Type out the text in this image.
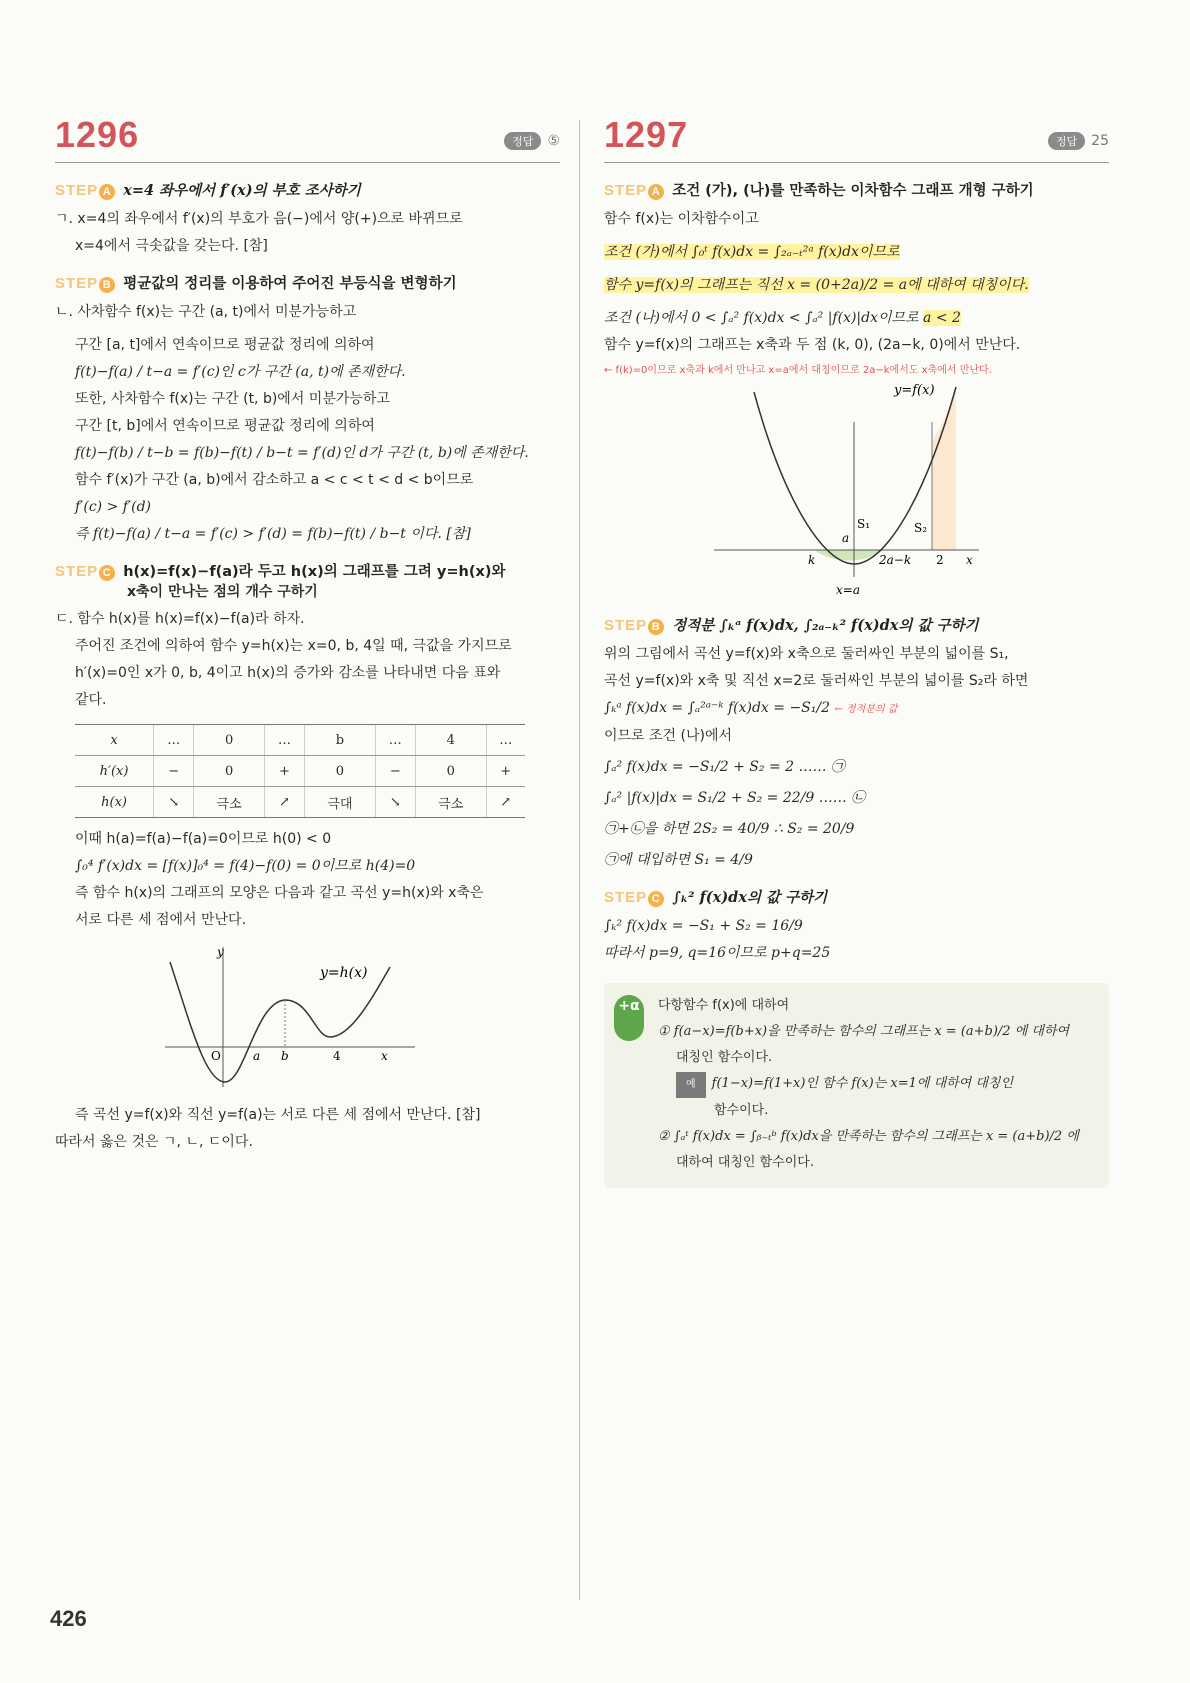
1296	정답	⑤
STEP A x=4 좌우에서 f′(x)의 부호 조사하기

ㄱ. x=4의 좌우에서 f′(x)의 부호가 음(−)에서 양(+)으로 바뀌므로

x=4에서 극솟값을 갖는다. [참]

STEP B 평균값의 정리를 이용하여 주어진 부등식을 변형하기

ㄴ. 사차함수 f(x)는 구간 (a, t)에서 미분가능하고

구간 [a, t]에서 연속이므로 평균값 정리에 의하여

f(t)−f(a) / t−a = f′(c)인 c가 구간 (a, t)에 존재한다.

또한, 사차함수 f(x)는 구간 (t, b)에서 미분가능하고

구간 [t, b]에서 연속이므로 평균값 정리에 의하여

f(t)−f(b) / t−b = f(b)−f(t) / b−t = f′(d)인 d가 구간 (t, b)에 존재한다.

함수 f′(x)가 구간 (a, b)에서 감소하고 a < c < t < d < b이므로

f′(c) > f′(d)

즉 f(t)−f(a) / t−a = f′(c) > f′(d) = f(b)−f(t) / b−t 이다. [참]

STEP C h(x)=f(x)−f(a)라 두고 h(x)의 그래프를 그려 y=h(x)와

x축이 만나는 점의 개수 구하기

ㄷ. 함수 h(x)를 h(x)=f(x)−f(a)라 하자.

주어진 조건에 의하여 함수 y=h(x)는 x=0, b, 4일 때, 극값을 가지므로

h′(x)=0인 x가 0, b, 4이고 h(x)의 증가와 감소를 나타내면 다음 표와

같다.

x	…	0	…	b	…	4	…
h′(x)	−	0	+	0	−	0	+
h(x)	↘	극소	↗	극대	↘	극소	↗

이때 h(a)=f(a)−f(a)=0이므로 h(0) < 0

∫₀⁴ f′(x)dx = [f(x)]₀⁴ = f(4)−f(0) = 0이므로 h(4)=0

즉 함수 h(x)의 그래프의 모양은 다음과 같고 곡선 y=h(x)와 x축은

서로 다른 세 점에서 만난다.

y
y=h(x)
O	a b	4	x

즉 곡선 y=f(x)와 직선 y=f(a)는 서로 다른 세 점에서 만난다. [참]

따라서 옳은 것은 ㄱ, ㄴ, ㄷ이다.

1297	정답	25
STEP A 조건 (가), (나)를 만족하는 이차함수 그래프 개형 구하기

함수 f(x)는 이차함수이고

조건 (가)에서 ∫₀ᵗ f(x)dx = ∫₂ₐ₋ₜ²ᵃ f(x)dx이므로

함수 y=f(x)의 그래프는 직선 x = (0+2a)/2 = a에 대하여 대칭이다.

조건 (나)에서 0 < ∫ₐ² f(x)dx < ∫ₐ² |f(x)|dx이므로 a < 2

함수 y=f(x)의 그래프는 x축과 두 점 (k, 0), (2a−k, 0)에서 만난다.

← f(k)=0이므로 x축과 k에서 만나고 x=a에서 대칭이므로 2a−k에서도 x축에서 만난다.

y=f(x)
S₁	S₂
a
k	2a−k 2 x
x=a
STEP B 정적분 ∫ₖᵃ f(x)dx, ∫₂ₐ₋ₖ² f(x)dx의 값 구하기

위의 그림에서 곡선 y=f(x)와 x축으로 둘러싸인 부분의 넓이를 S₁,

곡선 y=f(x)와 x축 및 직선 x=2로 둘러싸인 부분의 넓이를 S₂라 하면

∫ₖᵃ f(x)dx = ∫ₐ²ᵃ⁻ᵏ f(x)dx = −S₁/2 ← 정적분의 값

이므로 조건 (나)에서

∫ₐ² f(x)dx = −S₁/2 + S₂ = 2 …… ㉠

∫ₐ² |f(x)|dx = S₁/2 + S₂ = 22/9 …… ㉡

㉠+㉡을 하면 2S₂ = 40/9 ∴ S₂ = 20/9

㉠에 대입하면 S₁ = 4/9

STEP C ∫ₖ² f(x)dx의 값 구하기

∫ₖ² f(x)dx = −S₁ + S₂ = 16/9

따라서 p=9, q=16이므로 p+q=25

+α	다항함수 f(x)에 대하여
① f(a−x)=f(b+x)을 만족하는 함수의 그래프는 x = (a+b)/2 에 대하여
대칭인 함수이다.
예 f(1−x)=f(1+x)인 함수 f(x)는 x=1에 대하여 대칭인
함수이다.
② ∫ₐᵗ f(x)dx = ∫ᵦ₋ₜᵇ f(x)dx을 만족하는 함수의 그래프는 x = (a+b)/2 에
대하여 대칭인 함수이다.
426
